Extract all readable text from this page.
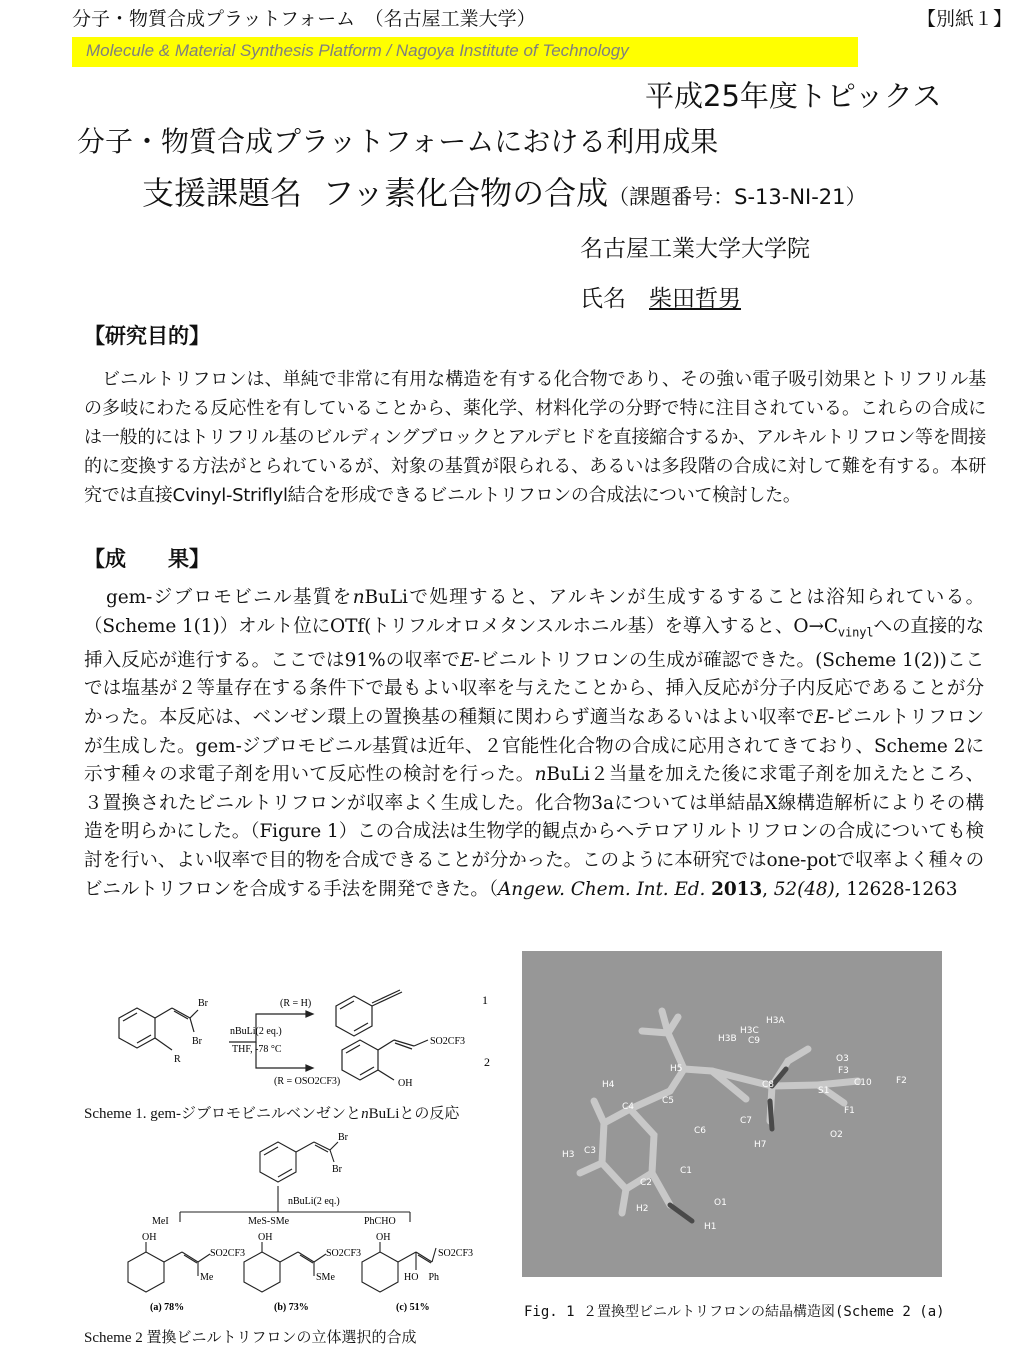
分子・物質合成プラットフォーム　（名古屋工業大学）	【別紙１】
Molecule & Material Synthesis Platform / Nagoya Institute of Technology
平成25年度トピックス
分子・物質合成プラットフォームにおける利用成果
支援課題名 フッ素化合物の合成（課題番号：S-13-NI-21）
名古屋工業大学大学院
氏名　 柴田哲男
【研究目的】
ビニルトリフロンは、単純で非常に有用な構造を有する化合物であり、その強い電子吸引効果とトリフリル基の多岐にわたる反応性を有していることから、薬化学、材料化学の分野で特に注目されている。これらの合成には一般的にはトリフリル基のビルディングブロックとアルデヒドを直接縮合するか、アルキルトリフロン等を間接的に変換する方法がとられているが、対象の基質が限られる、あるいは多段階の合成に対して難を有する。本研究では直接Cvinyl-Striflyl結合を形成できるビニルトリフロンの合成法について検討した。
【成　　果】
gem-ジブロモビニル基質をnBuLiで処理すると、アルキンが生成するすることは浴知られている。（Scheme 1(1)）オルト位にOTf(トリフルオロメタンスルホニル基）を導入すると、$O\to C_{vinyl}$への直接的な挿入反応が進行する。ここでは91%の収率でE-ビニルトリフロンの生成が確認できた。(Scheme 1(2))ここでは塩基が２等量存在する条件下で最もよい収率を与えたことから、挿入反応が分子内反応であることが分かった。本反応は、ベンゼン環上の置換基の種類に関わらず適当なあるいはよい収率でE-ビニルトリフロンが生成した。gem-ジブロモビニル基質は近年、２官能性化合物の合成に応用されてきており、Scheme 2に示す種々の求電子剤を用いて反応性の検討を行った。nBuLi２当量を加えた後に求電子剤を加えたところ、３置換されたビニルトリフロンが収率よく生成した。化合物3aについては単結晶X線構造解析によりその構造を明らかにした。（Figure 1）この合成法は生物学的観点からヘテロアリルトリフロンの合成についても検討を行い、よい収率で目的物を合成できることが分かった。このように本研究ではone-potで収率よく種々のビニルトリフロンを合成する手法を開発できた。（Angew. Chem. Int. Ed. 2013, 52(48), 12628-1263
Br
Br
R
(R = H)
nBuLi(2 eq.)
THF, -78 °C
(R = OSO2CF3)
SO2CF3
OH
1
2
Scheme 1. gem-ジブロモビニルベンゼンとnBuLiとの反応
Br
Br
nBuLi(2 eq.)
MeI	MeS-SMe	PhCHO
OH	OH	OH
SO2CF3	SO2CF3	SO2CF3
Me	SMe	HO    Ph
(a) 78%	(b) 73%	(c) 51%
Scheme 2 置換ビニルトリフロンの立体選択的合成
H3A
H3C
C9
H3B
C8
S1
C10
F3
F2
F1
O2
O3
H4
C5
H5
C4
C6
C7
H7
C3
C1
C2
H3
H2
O1
H1
Fig. 1 ２置換型ビニルトリフロンの結晶構造図(Scheme 2 (a)
